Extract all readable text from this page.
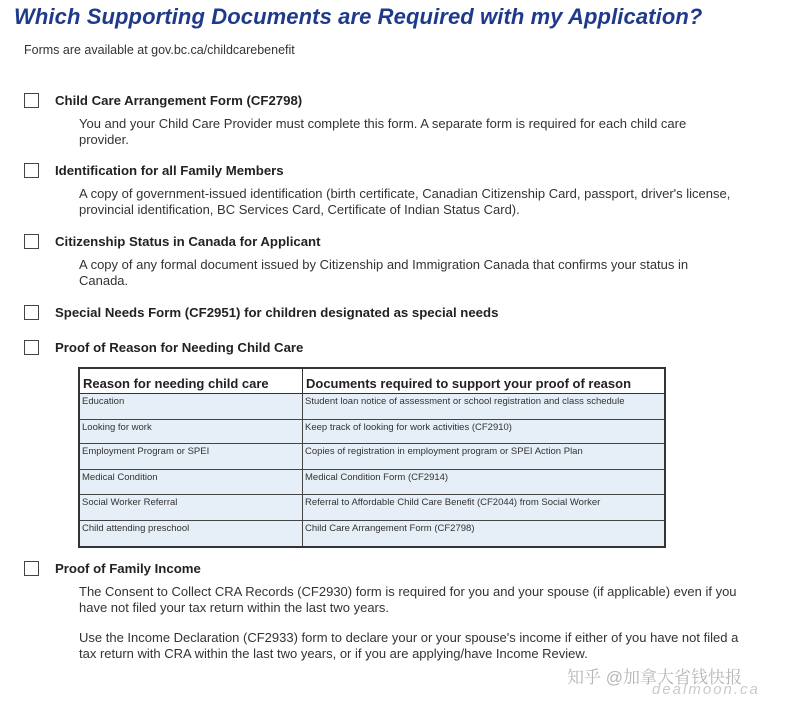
Which Supporting Documents are Required with my Application?
Forms are available at gov.bc.ca/childcarebenefit
Child Care Arrangement Form (CF2798)

You and your Child Care Provider must complete this form. A separate form is required for each child care provider.

Identification for all Family Members

A copy of government-issued identification (birth certificate, Canadian Citizenship Card, passport, driver's license, provincial identification, BC Services Card, Certificate of Indian Status Card).

Citizenship Status in Canada for Applicant

A copy of any formal document issued by Citizenship and Immigration Canada that confirms your status in Canada.

Special Needs Form (CF2951) for children designated as special needs
Proof of Reason for Needing Child Care
Reason for needing child care	Documents required to support your proof of reason
Education	Student loan notice of assessment or school registration and class schedule
Looking for work	Keep track of looking for work activities (CF2910)
Employment Program or SPEI	Copies of registration in employment program or SPEI Action Plan
Medical Condition	Medical Condition Form (CF2914)
Social Worker Referral	Referral to Affordable Child Care Benefit (CF2044) from Social Worker
Child attending preschool	Child Care Arrangement Form (CF2798)
Proof of Family Income

The Consent to Collect CRA Records (CF2930) form is required for you and your spouse (if applicable) even if you have not filed your tax return within the last two years.

Use the Income Declaration (CF2933) form to declare your or your spouse's income if either of you have not filed a tax return with CRA within the last two years, or if you are applying/have Income Review.

知乎 @加拿大省钱快报
dealmoon.ca
